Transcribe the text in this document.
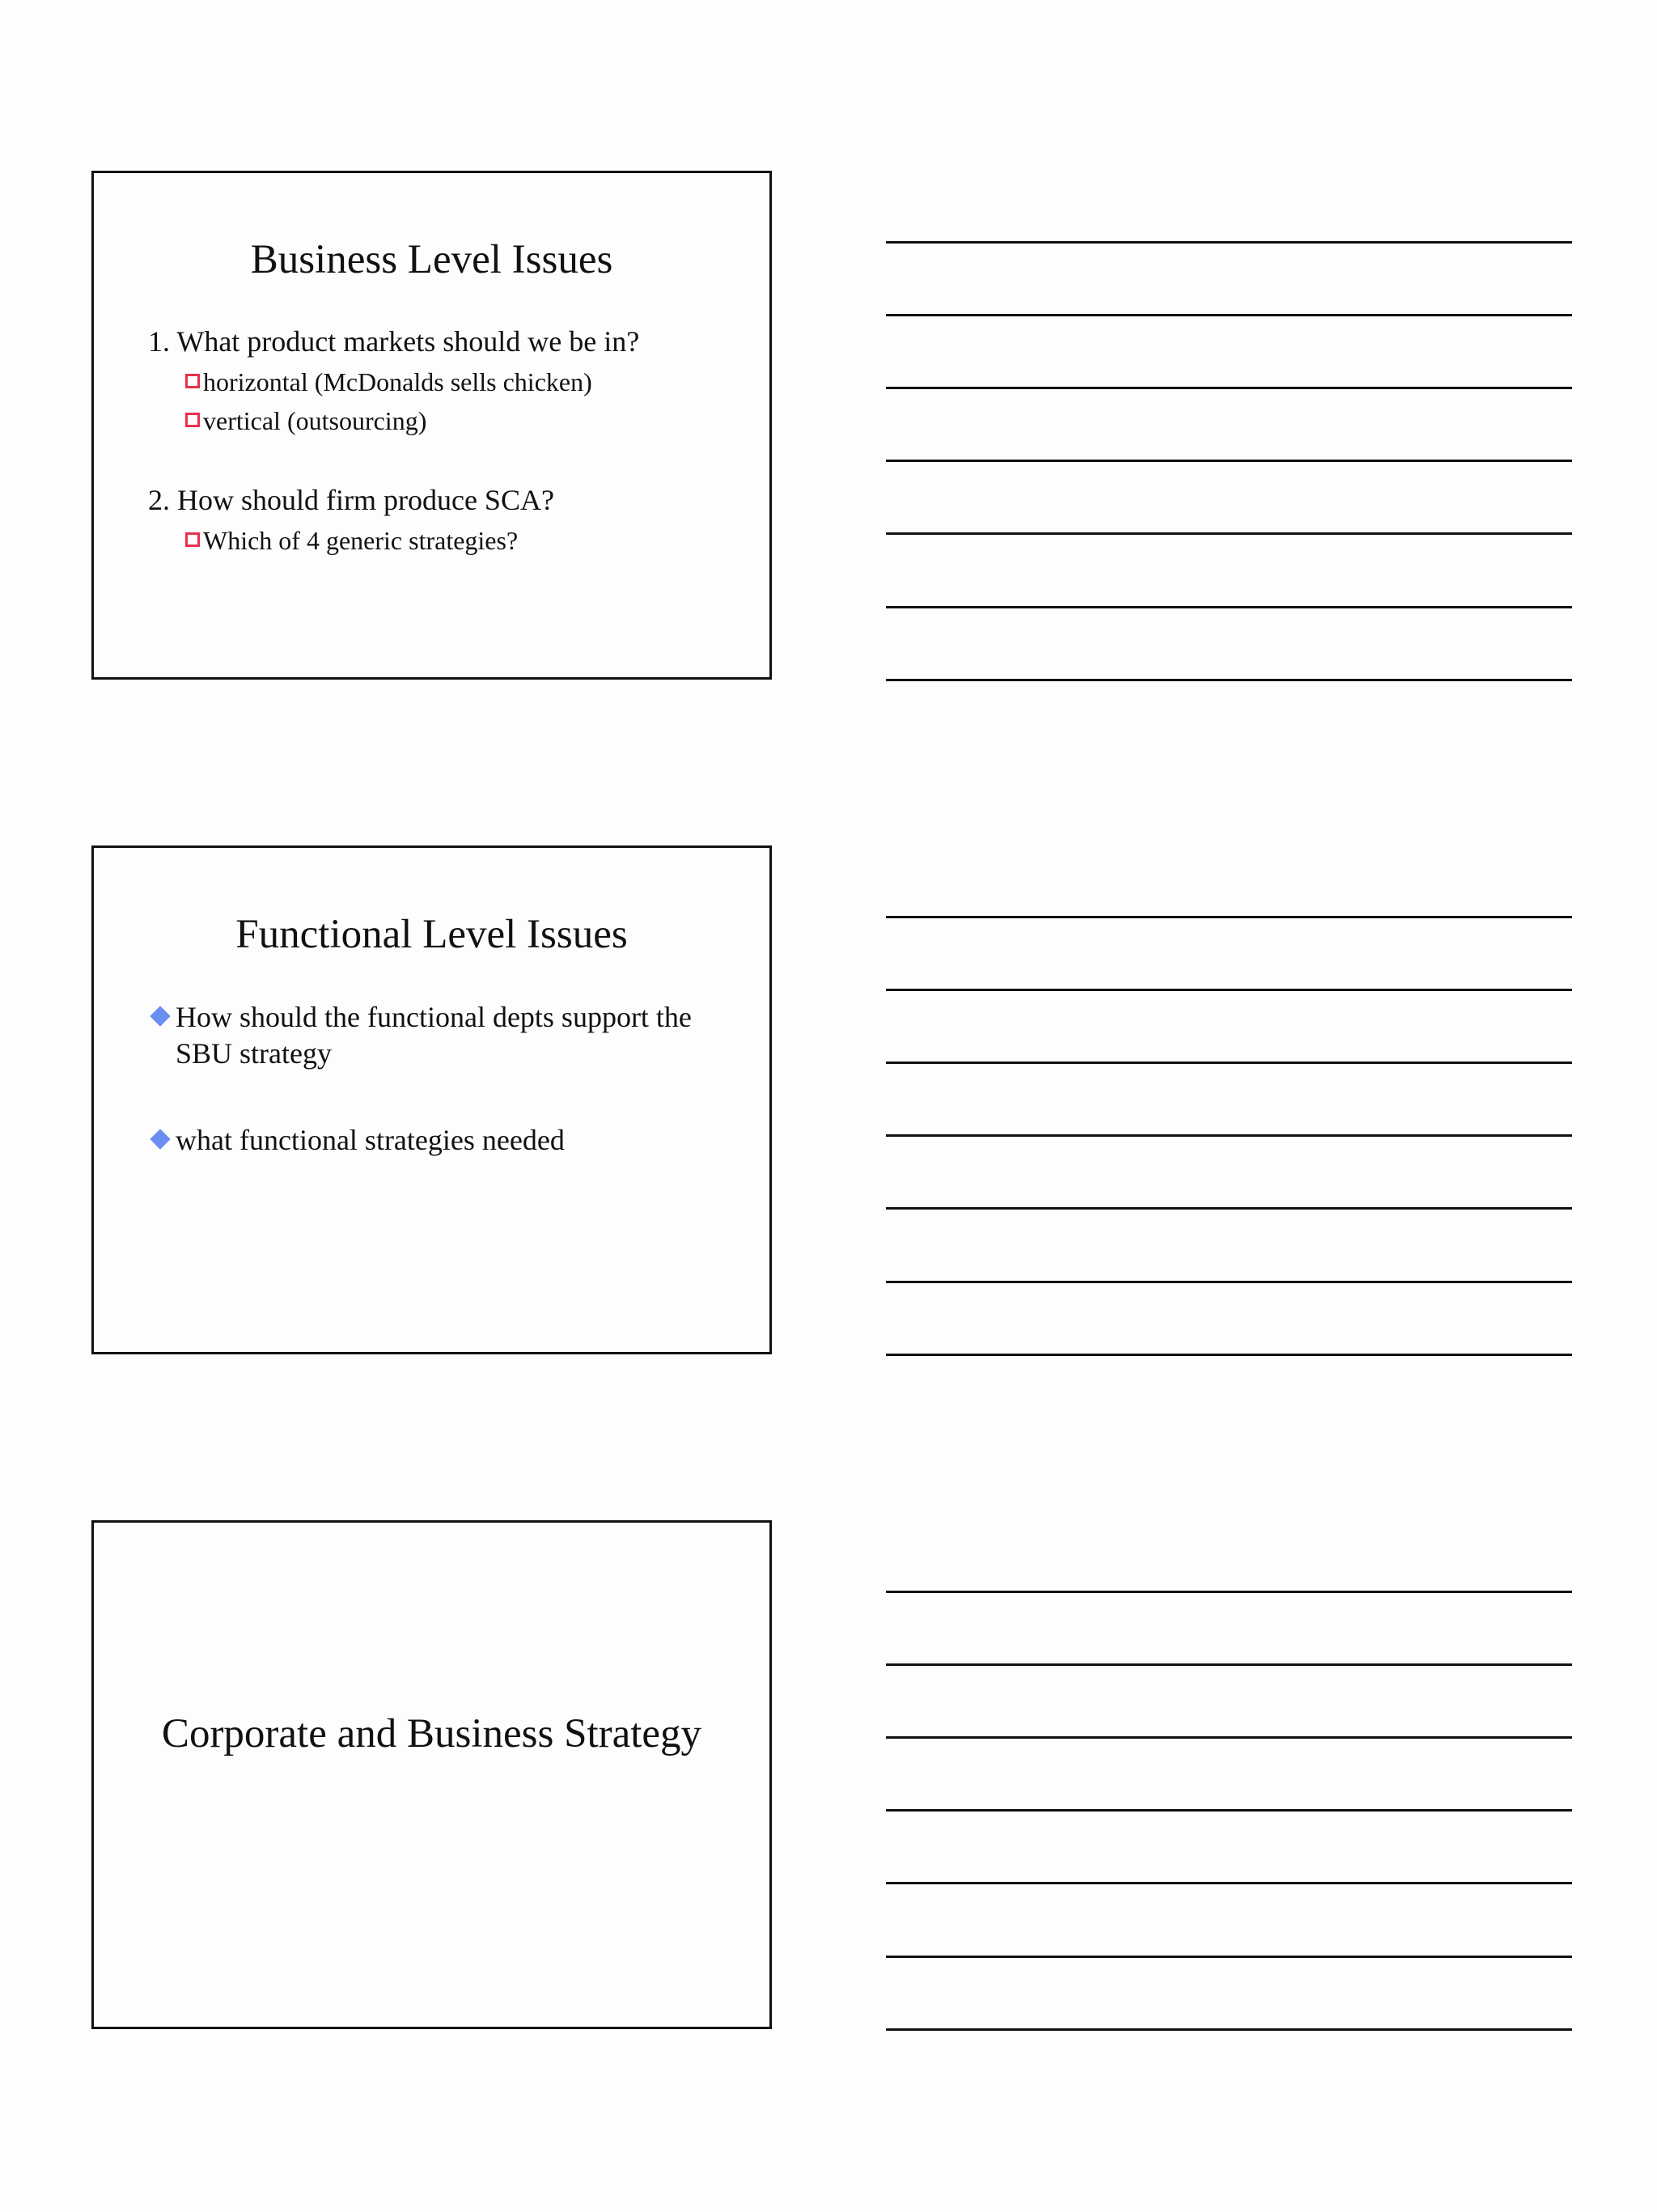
Business Level Issues
1. What product markets should we be in?
horizontal (McDonalds sells chicken)
vertical (outsourcing)
2. How should firm produce SCA?
Which of 4 generic strategies?
Functional Level Issues
How should the functional depts support the SBU strategy
what functional strategies needed
Corporate and Business Strategy
